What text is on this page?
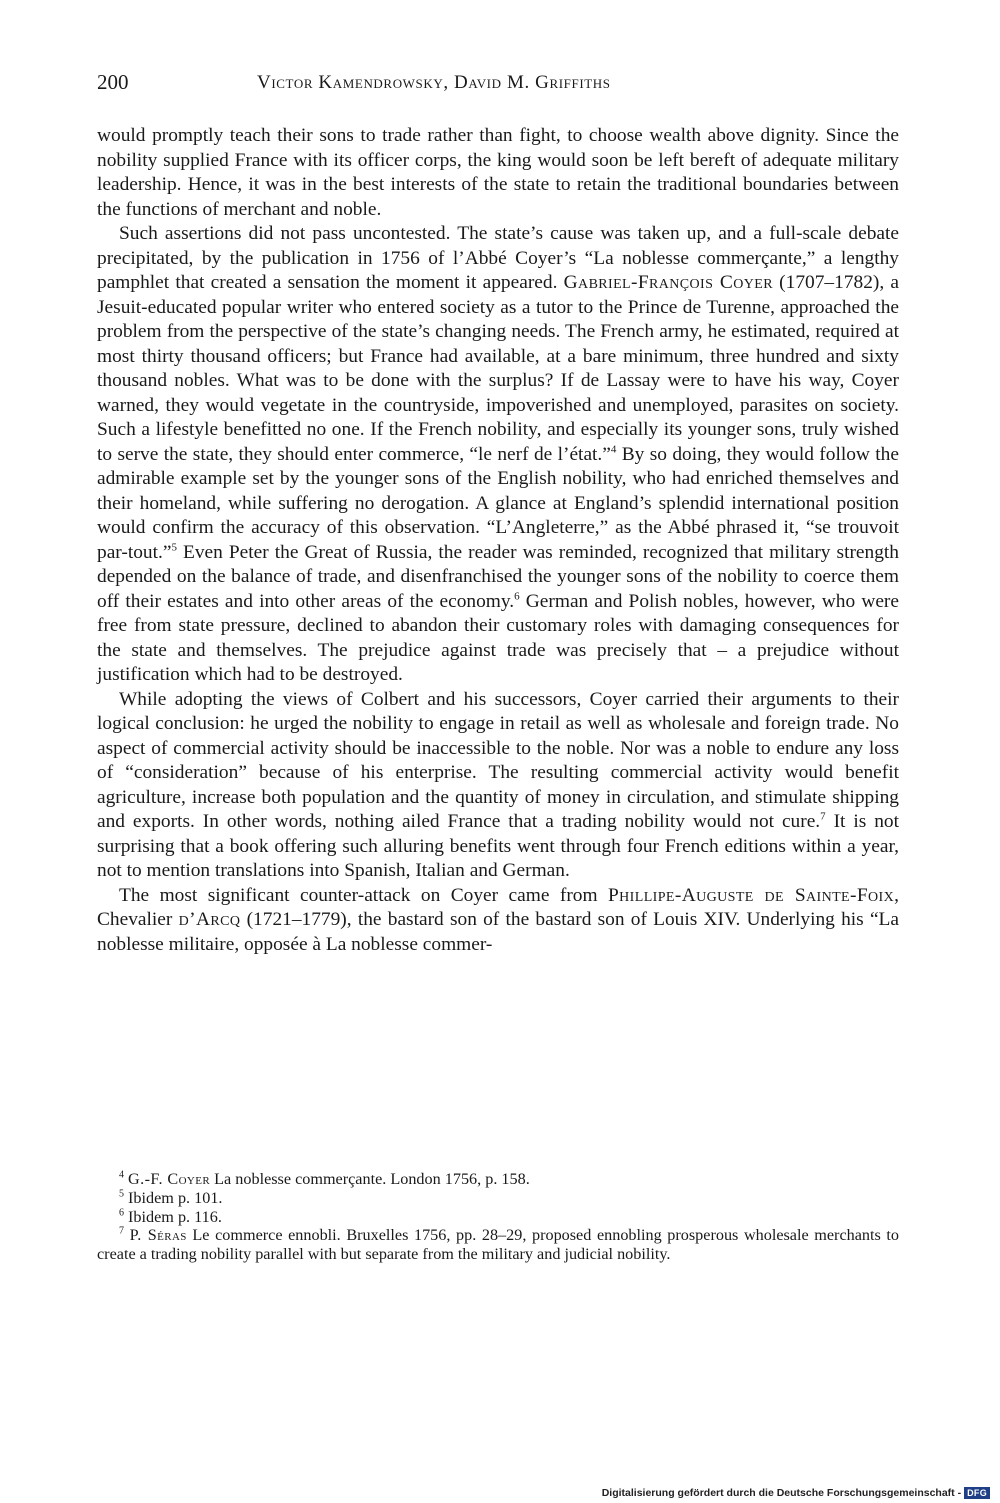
200	Victor Kamendrowsky, David M. Griffiths

would promptly teach their sons to trade rather than fight, to choose wealth above dignity. Since the nobility supplied France with its officer corps, the king would soon be left bereft of adequate military leadership. Hence, it was in the best interests of the state to retain the traditional boundaries between the functions of merchant and noble.

Such assertions did not pass uncontested. The state’s cause was taken up, and a full-scale debate precipitated, by the publication in 1756 of l’Abbé Coyer’s “La noblesse commerçante,” a lengthy pamphlet that created a sensation the moment it appeared. Gabriel-François Coyer (1707–1782), a Jesuit-educated popular writer who entered society as a tutor to the Prince de Turenne, approached the problem from the perspective of the state’s changing needs. The French army, he estimated, required at most thirty thousand officers; but France had available, at a bare minimum, three hundred and sixty thousand nobles. What was to be done with the surplus? If de Lassay were to have his way, Coyer warned, they would vegetate in the countryside, impoverished and unemployed, parasites on society. Such a lifestyle benefitted no one. If the French nobility, and especially its younger sons, truly wished to serve the state, they should enter commerce, “le nerf de l’état.”$^4$ By so doing, they would follow the admirable example set by the younger sons of the English nobility, who had enriched themselves and their homeland, while suffering no derogation. A glance at England’s splendid international position would confirm the accuracy of this observation. “L’Angleterre,” as the Abbé phrased it, “se trouvoit par-tout.”$^5$ Even Peter the Great of Russia, the reader was reminded, recognized that military strength depended on the balance of trade, and disenfranchised the younger sons of the nobility to coerce them off their estates and into other areas of the economy.$^6$ German and Polish nobles, however, who were free from state pressure, declined to abandon their customary roles with damaging consequences for the state and themselves. The prejudice against trade was precisely that – a prejudice without justification which had to be destroyed.

While adopting the views of Colbert and his successors, Coyer carried their arguments to their logical conclusion: he urged the nobility to engage in retail as well as wholesale and foreign trade. No aspect of commercial activity should be inaccessible to the noble. Nor was a noble to endure any loss of “consideration” because of his enterprise. The resulting commercial activity would benefit agriculture, increase both population and the quantity of money in circulation, and stimulate shipping and exports. In other words, nothing ailed France that a trading nobility would not cure.$^7$ It is not surprising that a book offering such alluring benefits went through four French editions within a year, not to mention translations into Spanish, Italian and German.

The most significant counter-attack on Coyer came from Phillipe-Auguste de Sainte-Foix, Chevalier d’Arcq (1721–1779), the bastard son of the bastard son of Louis XIV. Underlying his “La noblesse militaire, opposée à La noblesse commer-

$^4$ G.-F. Coyer La noblesse commerçante. London 1756, p. 158.

$^5$ Ibidem p. 101.

$^6$ Ibidem p. 116.

$^7$ P. Séras Le commerce ennobli. Bruxelles 1756, pp. 28–29, proposed ennobling prosperous wholesale merchants to create a trading nobility parallel with but separate from the military and judicial nobility.

Digitalisierung gefördert durch die Deutsche Forschungsgemeinschaft - DFG
